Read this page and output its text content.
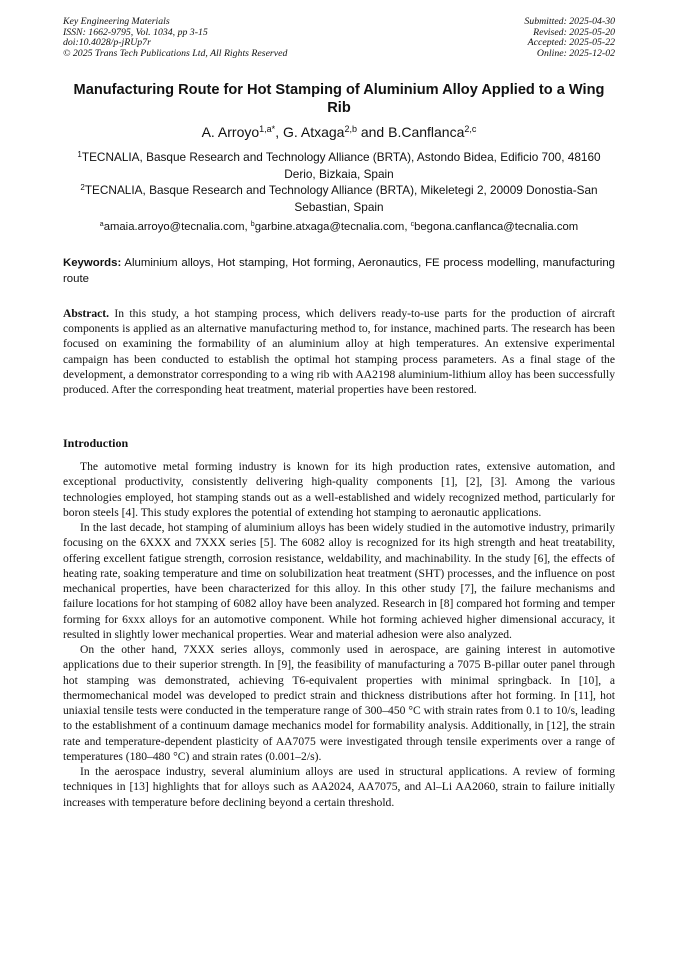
Key Engineering Materials
ISSN: 1662-9795, Vol. 1034, pp 3-15
doi:10.4028/p-jRUp7r
© 2025 Trans Tech Publications Ltd, All Rights Reserved
Submitted: 2025-04-30
Revised: 2025-05-20
Accepted: 2025-05-22
Online: 2025-12-02
Manufacturing Route for Hot Stamping of Aluminium Alloy Applied to a Wing Rib
A. Arroyo$^{1,a*}$, G. Atxaga$^{2,b}$ and B.Canflanca$^{2,c}$
$^1$TECNALIA, Basque Research and Technology Alliance (BRTA), Astondo Bidea, Edificio 700, 48160 Derio, Bizkaia, Spain
$^2$TECNALIA, Basque Research and Technology Alliance (BRTA), Mikeletegi 2, 20009 Donostia-San Sebastian, Spain
$^a$amaia.arroyo@tecnalia.com, $^b$garbine.atxaga@tecnalia.com, $^c$begona.canflanca@tecnalia.com
Keywords: Aluminium alloys, Hot stamping, Hot forming, Aeronautics, FE process modelling, manufacturing route
Abstract. In this study, a hot stamping process, which delivers ready-to-use parts for the production of aircraft components is applied as an alternative manufacturing method to, for instance, machined parts. The research has been focused on examining the formability of an aluminium alloy at high temperatures. An extensive experimental campaign has been conducted to establish the optimal hot stamping process parameters. As a final stage of the development, a demonstrator corresponding to a wing rib with AA2198 aluminium-lithium alloy has been successfully produced. After the corresponding heat treatment, material properties have been restored.
Introduction

The automotive metal forming industry is known for its high production rates, extensive automation, and exceptional productivity, consistently delivering high-quality components [1], [2], [3]. Among the various technologies employed, hot stamping stands out as a well-established and widely recognized method, particularly for boron steels [4]. This study explores the potential of extending hot stamping to aeronautic applications.

In the last decade, hot stamping of aluminium alloys has been widely studied in the automotive industry, primarily focusing on the 6XXX and 7XXX series [5]. The 6082 alloy is recognized for its high strength and heat treatability, offering excellent fatigue strength, corrosion resistance, weldability, and machinability. In the study [6], the effects of heating rate, soaking temperature and time on solubilization heat treatment (SHT) processes, and the influence on post mechanical properties, have been characterized for this alloy. In this other study [7], the failure mechanisms and failure locations for hot stamping of 6082 alloy have been analyzed. Research in [8] compared hot forming and temper forming for 6xxx alloys for an automotive component. While hot forming achieved higher dimensional accuracy, it resulted in slightly lower mechanical properties. Wear and material adhesion were also analyzed.

On the other hand, 7XXX series alloys, commonly used in aerospace, are gaining interest in automotive applications due to their superior strength. In [9], the feasibility of manufacturing a 7075 B-pillar outer panel through hot stamping was demonstrated, achieving T6-equivalent properties with minimal springback. In [10], a thermomechanical model was developed to predict strain and thickness distributions after hot forming. In [11], hot uniaxial tensile tests were conducted in the temperature range of 300–450 °C with strain rates from 0.1 to 10/s, leading to the establishment of a continuum damage mechanics model for formability analysis. Additionally, in [12], the strain rate and temperature-dependent plasticity of AA7075 were investigated through tensile experiments over a range of temperatures (180–480 °C) and strain rates (0.001–2/s).

In the aerospace industry, several aluminium alloys are used in structural applications. A review of forming techniques in [13] highlights that for alloys such as AA2024, AA7075, and Al–Li AA2060, strain to failure initially increases with temperature before declining beyond a certain threshold.
